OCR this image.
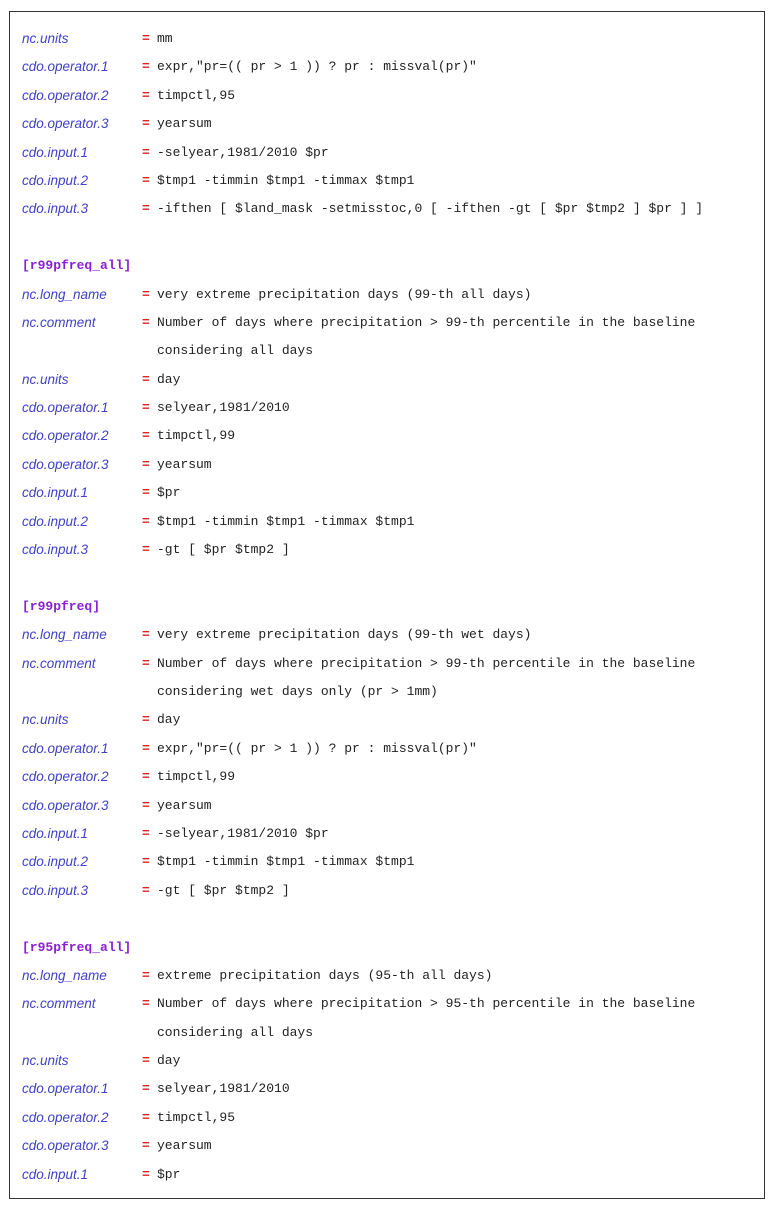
nc.units	= mm
cdo.operator.1	= expr,"pr=(( pr > 1 )) ? pr : missval(pr)"
cdo.operator.2	= timpctl,95
cdo.operator.3	= yearsum
cdo.input.1	= -selyear,1981/2010 $pr
cdo.input.2	= $tmp1 -timmin $tmp1 -timmax $tmp1
cdo.input.3	= -ifthen [ $land_mask -setmisstoc,0 [ -ifthen -gt [ $pr $tmp2 ] $pr ] ]
[r99pfreq_all]
nc.long_name	= very extreme precipitation days (99-th all days)
nc.comment	= Number of days where precipitation > 99-th percentile in the baseline
considering all days
nc.units	= day
cdo.operator.1	= selyear,1981/2010
cdo.operator.2	= timpctl,99
cdo.operator.3	= yearsum
cdo.input.1	= $pr
cdo.input.2	= $tmp1 -timmin $tmp1 -timmax $tmp1
cdo.input.3	= -gt [ $pr $tmp2 ]
[r99pfreq]
nc.long_name	= very extreme precipitation days (99-th wet days)
nc.comment	= Number of days where precipitation > 99-th percentile in the baseline
considering wet days only (pr > 1mm)
nc.units	= day
cdo.operator.1	= expr,"pr=(( pr > 1 )) ? pr : missval(pr)"
cdo.operator.2	= timpctl,99
cdo.operator.3	= yearsum
cdo.input.1	= -selyear,1981/2010 $pr
cdo.input.2	= $tmp1 -timmin $tmp1 -timmax $tmp1
cdo.input.3	= -gt [ $pr $tmp2 ]
[r95pfreq_all]
nc.long_name	= extreme precipitation days (95-th all days)
nc.comment	= Number of days where precipitation > 95-th percentile in the baseline
considering all days
nc.units	= day
cdo.operator.1	= selyear,1981/2010
cdo.operator.2	= timpctl,95
cdo.operator.3	= yearsum
cdo.input.1	= $pr
